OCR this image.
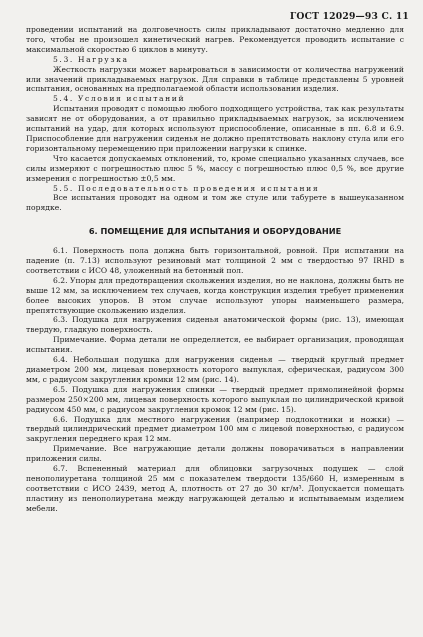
ГОСТ 12029—93 С. 11

проведении испытаний на долговечность силы прикладывают достаточно медленно для того, чтобы не произошел кинетический нагрев. Рекомендуется проводить испытание с максимальной скоростью 6 циклов в минуту.

5.3. Нагрузка

Жесткость нагрузки может варьироваться в зависимости от количества нагружений или значений прикладываемых нагрузок. Для справки в таблице представлены 5 уровней испытания, основанных на предполагаемой области использования изделия.

5.4. Условия испытаний

Испытания проводят с помощью любого подходящего устройства, так как результаты зависят не от оборудования, а от правильно прикладываемых нагрузок, за исключением испытаний на удар, для которых используют приспособление, описанные в пп. 6.8 и 6.9. Приспособление для нагружения сиденья не должно препятствовать наклону стула или его горизонтальному перемещению при приложении нагрузки к спинке.

Что касается допускаемых отклонений, то, кроме специально указанных случаев, все силы измеряют с погрешностью плюс 5 %, массу с погрешностью плюс 0,5 %, все другие измерения с погрешностью ±0,5 мм.

5.5. Последовательность проведения испытания

Все испытания проводят на одном и том же стуле или табурете в вышеуказанном порядке.

6. ПОМЕЩЕНИЕ ДЛЯ ИСПЫТАНИЯ И ОБОРУДОВАНИЕ

6.1. Поверхность пола должна быть горизонтальной, ровной. При испытании на падение (п. 7.13) используют резиновый мат толщиной 2 мм с твердостью 97 IRHD в соответствии с ИСО 48, уложенный на бетонный пол.

6.2. Упоры для предотвращения скольжения изделия, но не наклона, должны быть не выше 12 мм, за исключением тех случаев, когда конструкция изделия требует применения более высоких упоров. В этом случае используют упоры наименьшего размера, препятствующие скольжению изделия.

6.3. Подушка для нагружения сиденья анатомической формы (рис. 13), имеющая твердую, гладкую поверхность.

Примечание. Форма детали не определяется, ее выбирает организация, проводящая испытания.

6.4. Небольшая подушка для нагружения сиденья — твердый круглый предмет диаметром 200 мм, лицевая поверхность которого выпуклая, сферическая, радиусом 300 мм, с радиусом закругления кромки 12 мм (рис. 14).

6.5. Подушка для нагружения спинки — твердый предмет прямолинейной формы размером 250×200 мм, лицевая поверхность которого выпуклая по цилиндрической кривой радиусом 450 мм, с радиусом закругления кромок 12 мм (рис. 15).

6.6. Подушка для местного нагружения (например подлокотники и ножки) — твердый цилиндрический предмет диаметром 100 мм с лицевой поверхностью, с радиусом закругления переднего края 12 мм.

Примечание. Все нагружающие детали должны поворачиваться в направлении приложения силы.

6.7. Вспененный материал для облицовки загрузочных подушек — слой пенополиуретана толщиной 25 мм с показателем твердости 135/660 Н, измеренным в соответствии с ИСО 2439, метод А, плотность от 27 до 30 кг/м³. Допускается помещать пластину из пенополиуретана между нагружающей деталью и испытываемым изделием мебели.
